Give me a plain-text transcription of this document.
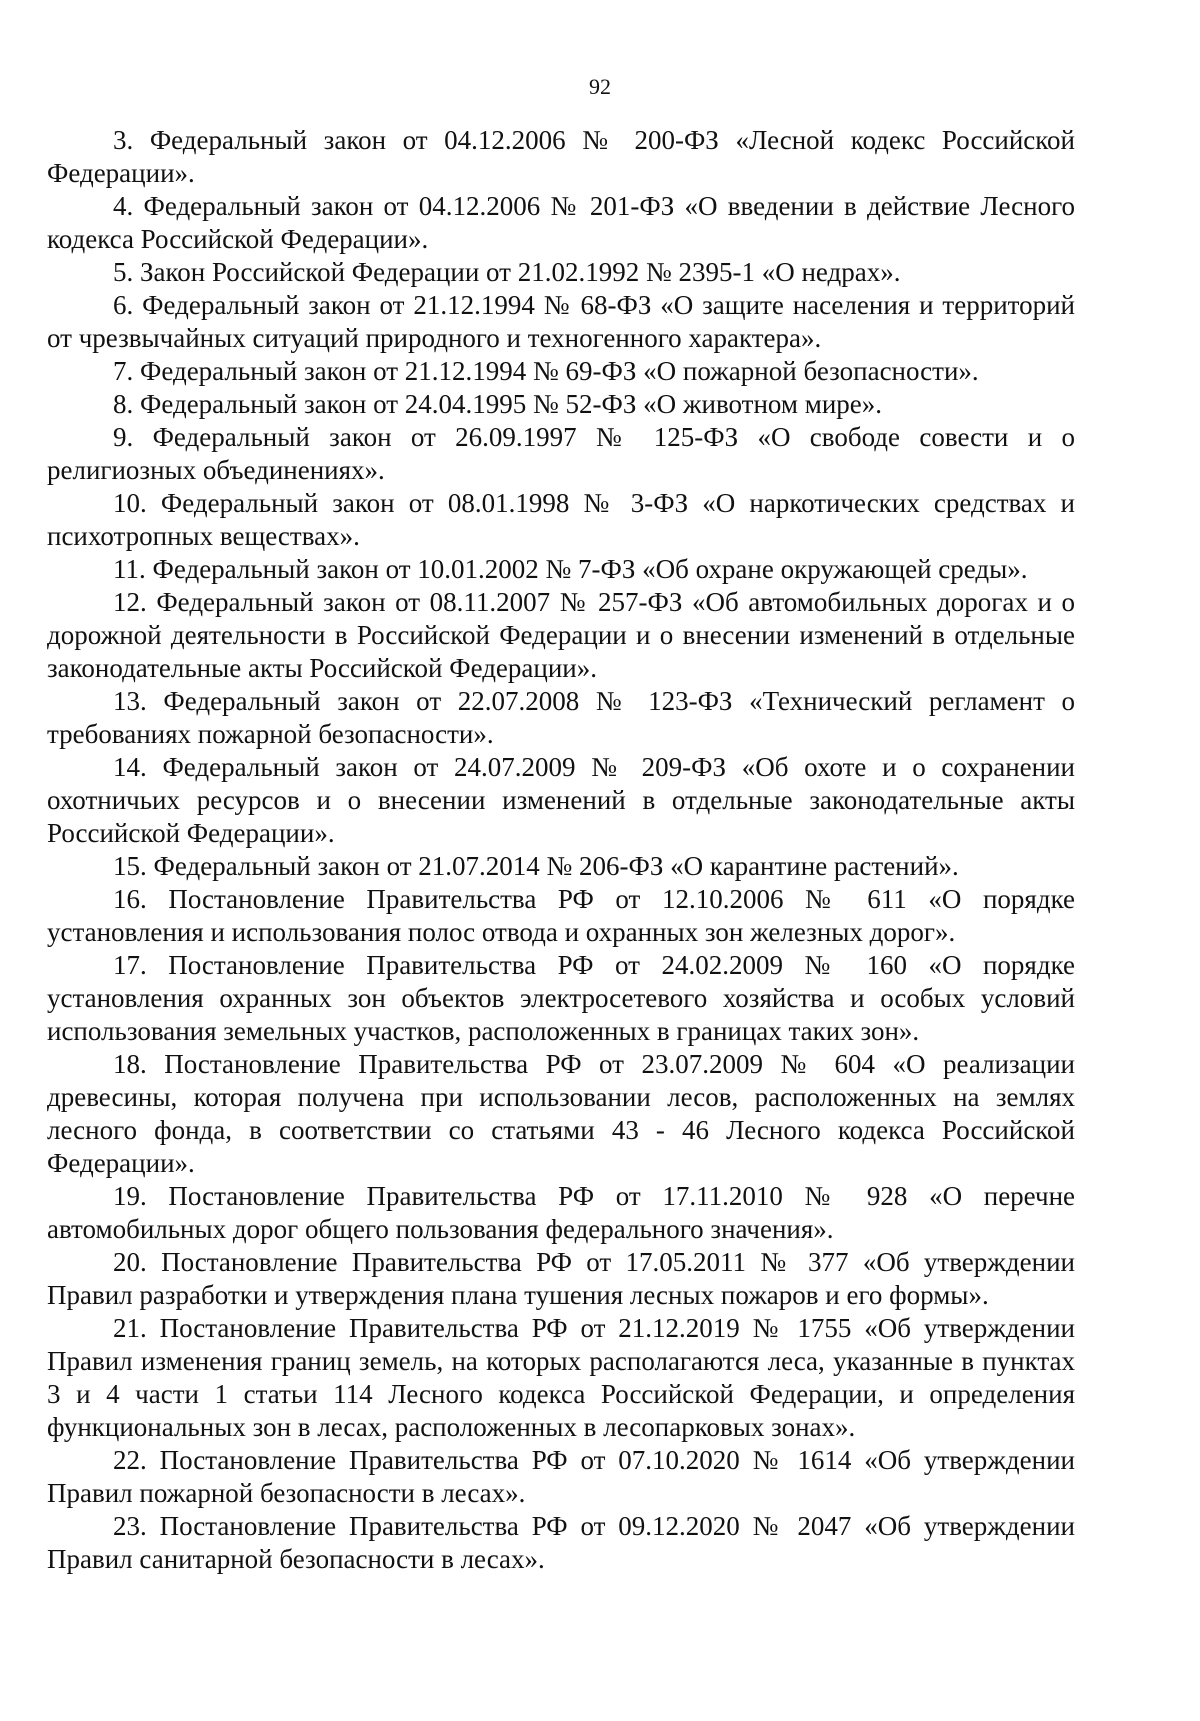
92

3. Федеральный закон от 04.12.2006 № 200-ФЗ «Лесной кодекс Российской Федерации».

4. Федеральный закон от 04.12.2006 № 201-ФЗ «О введении в действие Лесного кодекса Российской Федерации».

5. Закон Российской Федерации от 21.02.1992 № 2395-1 «О недрах».

6. Федеральный закон от 21.12.1994 № 68-ФЗ «О защите населения и территорий от чрезвычайных ситуаций природного и техногенного характера».

7. Федеральный закон от 21.12.1994 № 69-ФЗ «О пожарной безопасности».

8. Федеральный закон от 24.04.1995 № 52-ФЗ «О животном мире».

9. Федеральный закон от 26.09.1997 № 125-ФЗ «О свободе совести и о религиозных объединениях».

10. Федеральный закон от 08.01.1998 № 3-ФЗ «О наркотических средствах и психотропных веществах».

11. Федеральный закон от 10.01.2002 № 7-ФЗ «Об охране окружающей среды».

12. Федеральный закон от 08.11.2007 № 257-ФЗ «Об автомобильных дорогах и о дорожной деятельности в Российской Федерации и о внесении изменений в отдельные законодательные акты Российской Федерации».

13. Федеральный закон от 22.07.2008 № 123-ФЗ «Технический регламент о требованиях пожарной безопасности».

14. Федеральный закон от 24.07.2009 № 209-ФЗ «Об охоте и о сохранении охотничьих ресурсов и о внесении изменений в отдельные законодательные акты Российской Федерации».

15. Федеральный закон от 21.07.2014 № 206-ФЗ «О карантине растений».

16. Постановление Правительства РФ от 12.10.2006 № 611 «О порядке установления и использования полос отвода и охранных зон железных дорог».

17. Постановление Правительства РФ от 24.02.2009 № 160 «О порядке установления охранных зон объектов электросетевого хозяйства и особых условий использования земельных участков, расположенных в границах таких зон».

18. Постановление Правительства РФ от 23.07.2009 № 604 «О реализации древесины, которая получена при использовании лесов, расположенных на землях лесного фонда, в соответствии со статьями 43 - 46 Лесного кодекса Российской Федерации».

19. Постановление Правительства РФ от 17.11.2010 № 928 «О перечне автомобильных дорог общего пользования федерального значения».

20. Постановление Правительства РФ от 17.05.2011 № 377 «Об утверждении Правил разработки и утверждения плана тушения лесных пожаров и его формы».

21. Постановление Правительства РФ от 21.12.2019 № 1755 «Об утверждении Правил изменения границ земель, на которых располагаются леса, указанные в пунктах 3 и 4 части 1 статьи 114 Лесного кодекса Российской Федерации, и определения функциональных зон в лесах, расположенных в лесопарковых зонах».

22. Постановление Правительства РФ от 07.10.2020 № 1614 «Об утверждении Правил пожарной безопасности в лесах».

23. Постановление Правительства РФ от 09.12.2020 № 2047 «Об утверждении Правил санитарной безопасности в лесах».
